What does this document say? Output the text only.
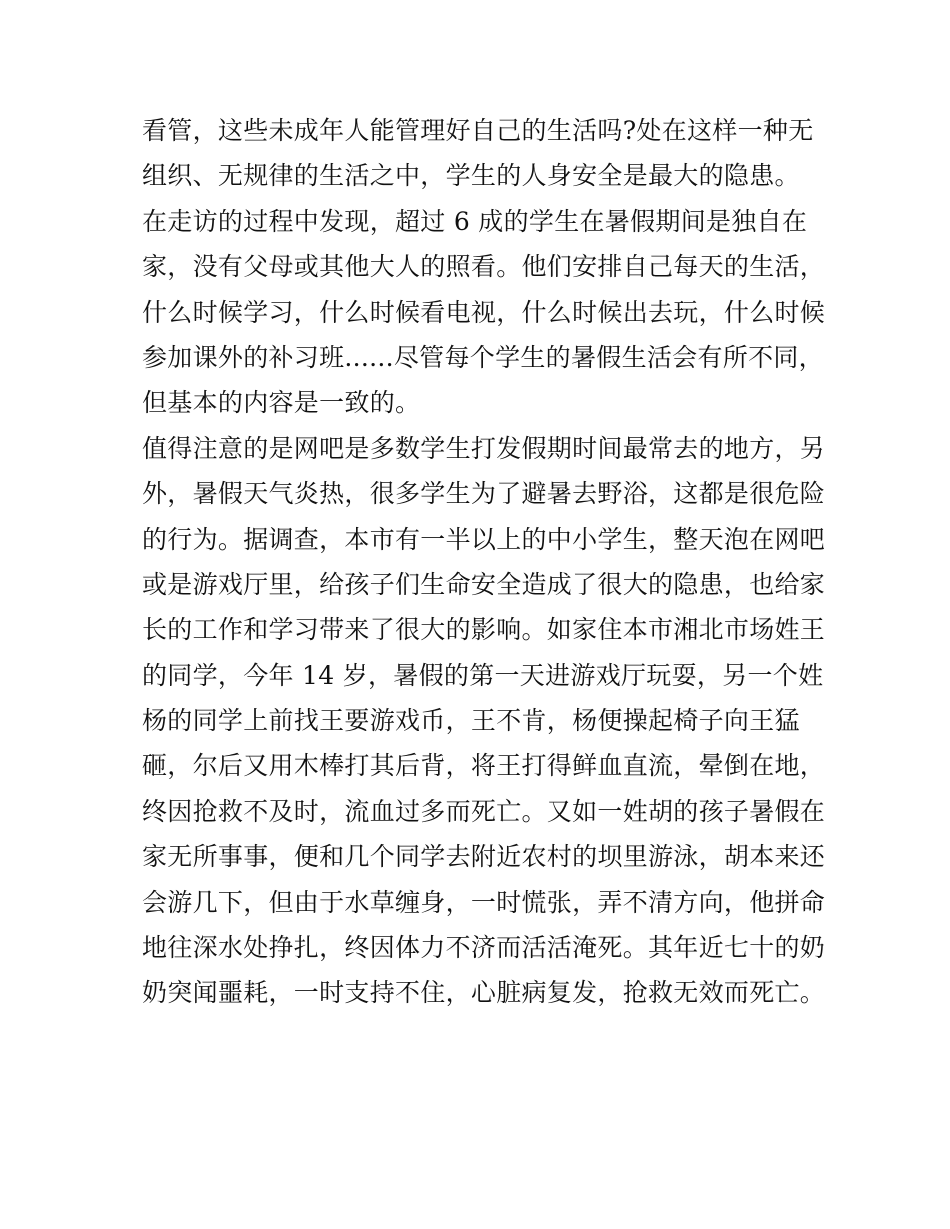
看管，这些未成年人能管理好自己的生活吗?处在这样一种无
组织、无规律的生活之中，学生的人身安全是最大的隐患。
在走访的过程中发现，超过 6 成的学生在暑假期间是独自在
家，没有父母或其他大人的照看。他们安排自己每天的生活，
什么时候学习，什么时候看电视，什么时候出去玩，什么时候
参加课外的补习班......尽管每个学生的暑假生活会有所不同，
但基本的内容是一致的。
值得注意的是网吧是多数学生打发假期时间最常去的地方，另
外，暑假天气炎热，很多学生为了避暑去野浴，这都是很危险
的行为。据调查，本市有一半以上的中小学生，整天泡在网吧
或是游戏厅里，给孩子们生命安全造成了很大的隐患，也给家
长的工作和学习带来了很大的影响。如家住本市湘北市场姓王
的同学，今年 14 岁，暑假的第一天进游戏厅玩耍，另一个姓
杨的同学上前找王要游戏币，王不肯，杨便操起椅子向王猛
砸，尔后又用木棒打其后背，将王打得鲜血直流，晕倒在地，
终因抢救不及时，流血过多而死亡。又如一姓胡的孩子暑假在
家无所事事，便和几个同学去附近农村的坝里游泳，胡本来还
会游几下，但由于水草缠身，一时慌张，弄不清方向，他拼命
地往深水处挣扎，终因体力不济而活活淹死。其年近七十的奶
奶突闻噩耗，一时支持不住，心脏病复发，抢救无效而死亡。
